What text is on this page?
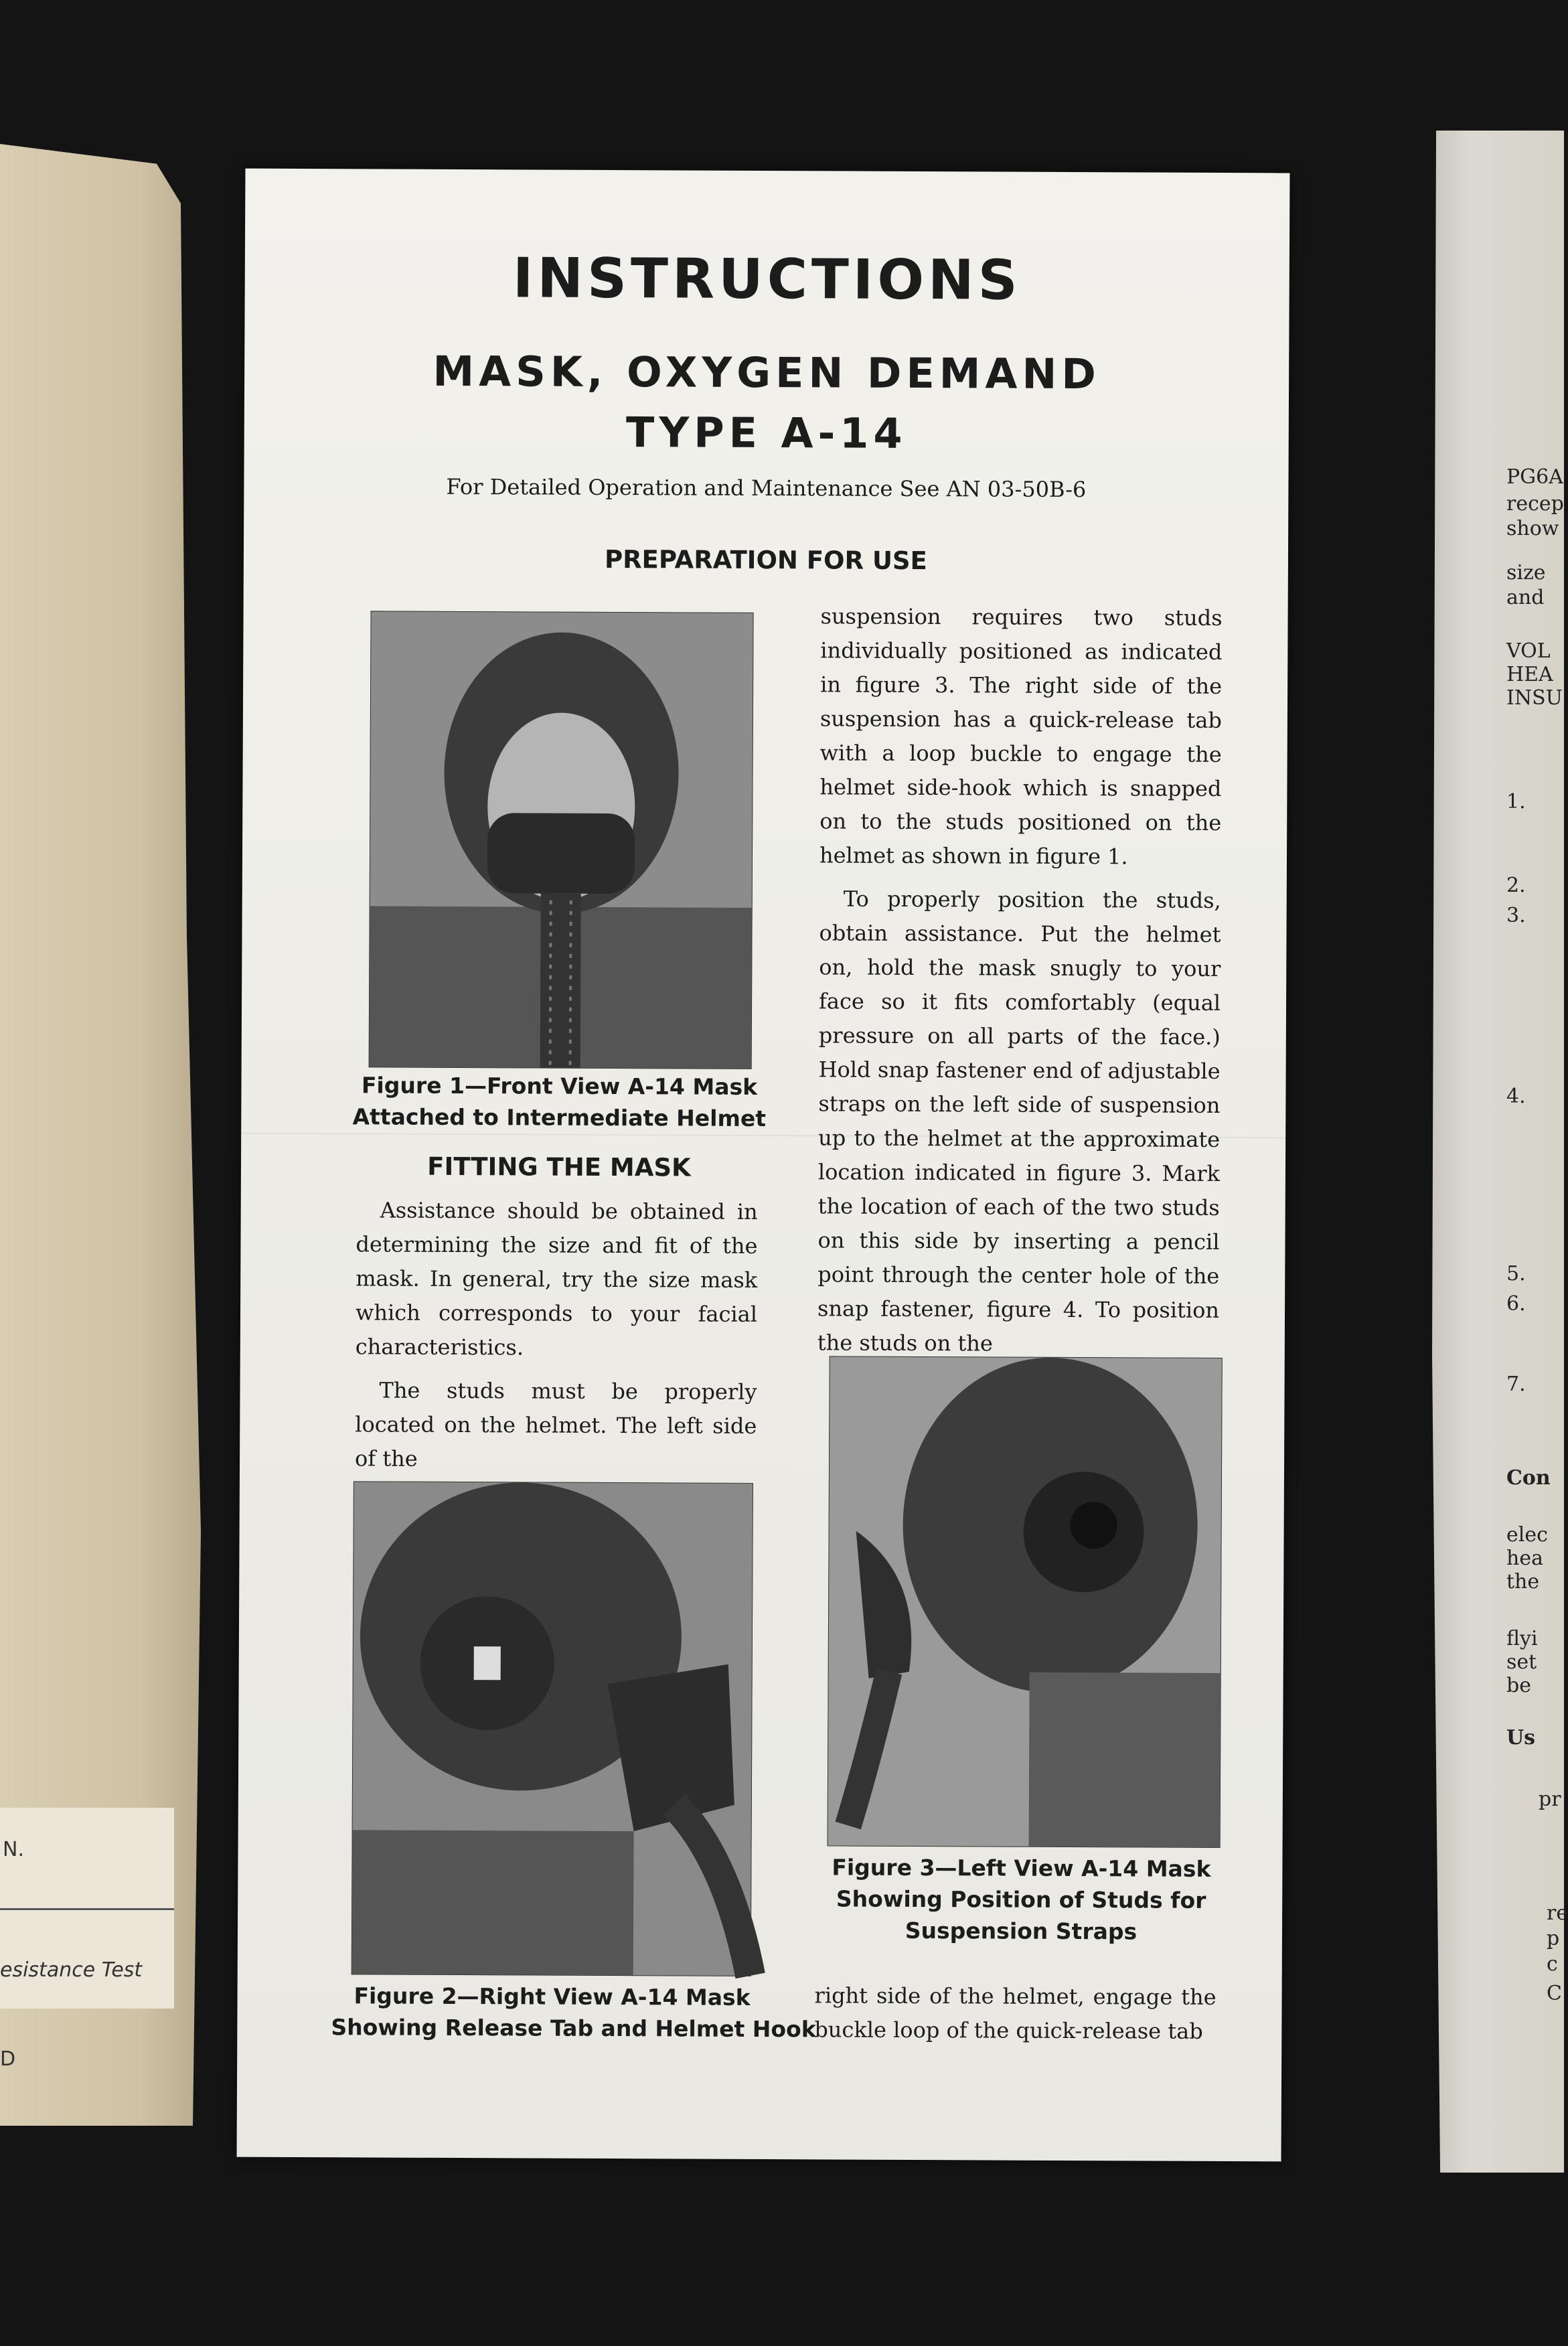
N.
esistance Test
D
PG6A
recep
show
size
and
VOL
HEA
INSU
1.
2.
3.
4.
5.
6.
7.
Con
elec
hea
the
flyi
set
be
Us
pr
re
p
c
C
INSTRUCTIONS
MASK, OXYGEN DEMAND
TYPE A-14
For Detailed Operation and Maintenance See AN 03-50B-6
PREPARATION FOR USE
Figure 1—Front View A-14 Mask
Attached to Intermediate Helmet
FITTING THE MASK

Assistance should be obtained in determining the size and fit of the mask. In general, try the size mask which corresponds to your facial characteristics.

The studs must be properly located on the helmet. The left side of the

suspension requires two studs individually positioned as indicated in figure 3. The right side of the suspension has a quick-release tab with a loop buckle to engage the helmet side-hook which is snapped on to the studs positioned on the helmet as shown in figure 1.

To properly position the studs, obtain assistance. Put the helmet on, hold the mask snugly to your face so it fits comfortably (equal pressure on all parts of the face.) Hold snap fastener end of adjustable straps on the left side of suspension up to the helmet at the approximate location indicated in figure 3. Mark the location of each of the two studs on this side by inserting a pencil point through the center hole of the snap fastener, figure 4. To position the studs on the

Figure 3—Left View A-14 Mask
Showing Position of Studs for
Suspension Straps
Figure 2—Right View A-14 Mask
Showing Release Tab and Helmet Hook

right side of the helmet, engage the buckle loop of the quick-release tab
